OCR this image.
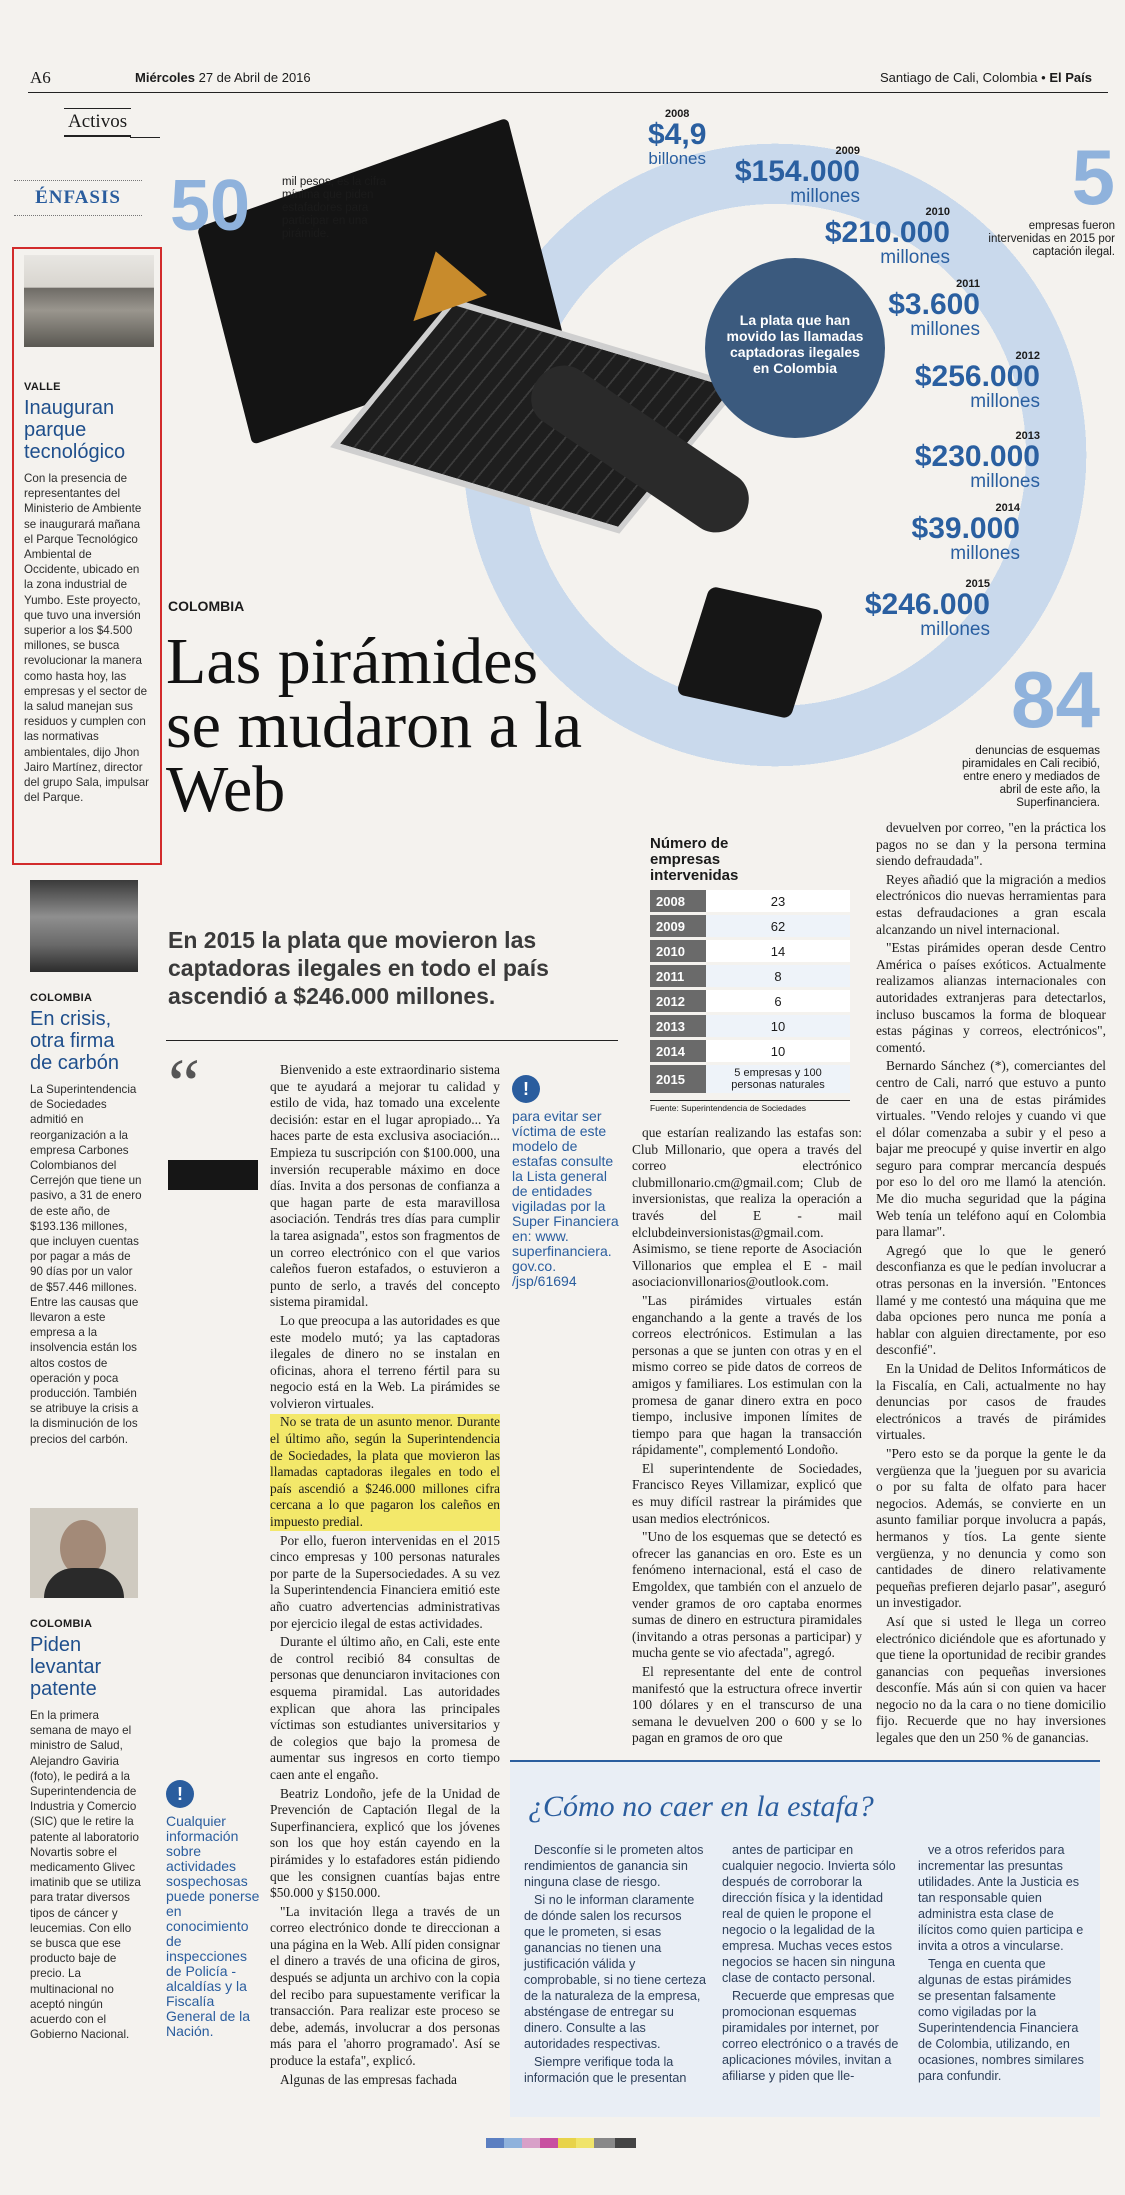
A6	Miércoles 27 de Abril de 2016	Santiago de Cali, Colombia • El País
Activos
ÉNFASIS
VALLE
Inauguran parque tecnológico

Con la presencia de representantes del Ministerio de Ambiente se inaugurará mañana el Parque Tecnológico Ambiental de Occidente, ubicado en la zona industrial de Yumbo. Este proyecto, que tuvo una inversión superior a los $4.500 millones, se busca revolucionar la manera como hasta hoy, las empresas y el sector de la salud manejan sus residuos y cumplen con las normativas ambientales, dijo Jhon Jairo Martínez, director del grupo Sala, impulsar del Parque.

COLOMBIA
En crisis, otra firma de carbón

La Superintendencia de Sociedades admitió en reorganización a la empresa Carbones Colombianos del Cerrejón que tiene un pasivo, a 31 de enero de este año, de $193.136 millones, que incluyen cuentas por pagar a más de 90 días por un valor de $57.446 millones. Entre las causas que llevaron a este empresa a la insolvencia están los altos costos de operación y poca producción. También se atribuye la crisis a la disminución de los precios del carbón.

COLOMBIA
Piden levantar patente

En la primera semana de mayo el ministro de Salud, Alejandro Gaviria (foto), le pedirá a la Superintendencia de Industria y Comercio (SIC) que le retire la patente al laboratorio Novartis sobre el medicamento Glivec imatinib que se utiliza para tratar diversos tipos de cáncer y leucemias. Con ello se busca que ese producto baje de precio. La multinacional no aceptó ningún acuerdo con el Gobierno Nacional.

50	mil pesos, es la cifra mínima que piden estafadores para participar en una pirámide.
La plata que han movido las llamadas captadoras ilegales en Colombia
5
empresas fueron intervenidas en 2015 por captación ilegal.
84
denuncias de esquemas piramidales en Cali recibió, entre enero y mediados de abril de este año, la Superfinanciera.
2008
$4,9
billones	2009
$154.000
millones
2010
$210.000
millones
2011
$3.600
millones
2012
$256.000
millones
2013
$230.000
millones
2014
$39.000
millones
2015
$246.000
millones
COLOMBIA
Las pirámides se mudaron a la Web
En 2015 la plata que movieron las captadoras ilegales en todo el país ascendió a $246.000 millones.
Número de empresas intervenidas
2008	23
2009	62
2010	14
2011	8
2012	6
2013	10
2014	10
2015	5 empresas y 100 personas naturales
Fuente: Superintendencia de Sociedades
“	Bienvenido a este extraordinario sistema que te ayudará a mejorar tu calidad y estilo de vida, haz tomado una excelente decisión: estar en el lugar apropiado... Ya haces parte de esta exclusiva asociación... Empieza tu suscripción con $100.000, una inversión recuperable máximo en doce días. Invita a dos personas de confianza a que hagan parte de esta maravillosa asociación. Tendrás tres días para cumplir la tarea asignada", estos son fragmentos de un correo electrónico con el que varios caleños fueron estafados, o estuvieron a punto de serlo, a través del concepto sistema piramidal.

Lo que preocupa a las autoridades es que este modelo mutó; ya las captadoras ilegales de dinero no se instalan en oficinas, ahora el terreno fértil para su negocio está en la Web. La pirámides se volvieron virtuales.

No se trata de un asunto menor. Durante el último año, según la Superintendencia de Sociedades, la plata que movieron las llamadas captadoras ilegales en todo el país ascendió a $246.000 millones cifra cercana a lo que pagaron los caleños en impuesto predial.

Por ello, fueron intervenidas en el 2015 cinco empresas y 100 personas naturales por parte de la Supersociedades. A su vez la Superintendencia Financiera emitió este año cuatro advertencias administrativas por ejercicio ilegal de estas actividades.

Durante el último año, en Cali, este ente de control recibió 84 consultas de personas que denunciaron invitaciones con esquema piramidal. Las autoridades explican que ahora las principales víctimas son estudiantes universitarios y de colegios que bajo la promesa de aumentar sus ingresos en corto tiempo caen ante el engaño.

Beatriz Londoño, jefe de la Unidad de Prevención de Captación Ilegal de la Superfinanciera, explicó que los jóvenes son los que hoy están cayendo en la pirámides y lo estafadores están pidiendo que les consignen cuantías bajas entre $50.000 y $150.000.

"La invitación llega a través de un correo electrónico donde te direccionan a una página en la Web. Allí piden consignar el dinero a través de una oficina de giros, después se adjunta un archivo con la copia del recibo para supuestamente verificar la transacción. Para realizar este proceso se debe, además, involucrar a dos personas más para el 'ahorro programado'. Así se produce la estafa", explicó.

Algunas de las empresas fachada

!
para evitar ser víctima de este modelo de estafas consulte la Lista general de entidades vigiladas por la Super Financiera en: www. superfinanciera. gov.co. /jsp/61694

que estarían realizando las estafas son: Club Millonario, que opera a través del correo electrónico clubmillonario.cm@gmail.com; Club de inversionistas, que realiza la operación a través del E - mail elclubdeinversionistas@gmail.com. Asimismo, se tiene reporte de Asociación Villonarios que emplea el E - mail asociacionvillonarios@outlook.com.

"Las pirámides virtuales están enganchando a la gente a través de los correos electrónicos. Estimulan a las personas a que se junten con otras y en el mismo correo se pide datos de correos de amigos y familiares. Los estimulan con la promesa de ganar dinero extra en poco tiempo, inclusive imponen límites de tiempo para que hagan la transacción rápidamente", complementó Londoño.

El superintendente de Sociedades, Francisco Reyes Villamizar, explicó que es muy difícil rastrear la pirámides que usan medios electrónicos.

"Uno de los esquemas que se detectó es ofrecer las ganancias en oro. Este es un fenómeno internacional, está el caso de Emgoldex, que también con el anzuelo de vender gramos de oro captaba enormes sumas de dinero en estructura piramidales (invitando a otras personas a participar) y mucha gente se vio afectada", agregó.

El representante del ente de control manifestó que la estructura ofrece invertir 100 dólares y en el transcurso de una semana le devuelven 200 o 600 y se lo pagan en gramos de oro que

devuelven por correo, "en la práctica los pagos no se dan y la persona termina siendo defraudada".

Reyes añadió que la migración a medios electrónicos dio nuevas herramientas para estas defraudaciones a gran escala alcanzando un nivel internacional.

"Estas pirámides operan desde Centro América o países exóticos. Actualmente realizamos alianzas internacionales con autoridades extranjeras para detectarlos, incluso buscamos la forma de bloquear estas páginas y correos, electrónicos", comentó.

Bernardo Sánchez (*), comerciantes del centro de Cali, narró que estuvo a punto de caer en una de estas pirámides virtuales. "Vendo relojes y cuando vi que el dólar comenzaba a subir y el peso a bajar me preocupé y quise invertir en algo seguro para comprar mercancía después por eso lo del oro me llamó la atención. Me dio mucha seguridad que la página Web tenía un teléfono aquí en Colombia para llamar".

Agregó que lo que le generó desconfianza es que le pedían involucrar a otras personas en la inversión. "Entonces llamé y me contestó una máquina que me daba opciones pero nunca me ponía a hablar con alguien directamente, por eso desconfié".

En la Unidad de Delitos Informáticos de la Fiscalía, en Cali, actualmente no hay denuncias por casos de fraudes electrónicos a través de pirámides virtuales.

"Pero esto se da porque la gente le da vergüenza que la 'jueguen por su avaricia o por su falta de olfato para hacer negocios. Además, se convierte en un asunto familiar porque involucra a papás, hermanos y tíos. La gente siente vergüenza, y no denuncia y como son cantidades de dinero relativamente pequeñas prefieren dejarlo pasar", aseguró un investigador.

Así que si usted le llega un correo electrónico diciéndole que es afortunado y que tiene la oportunidad de recibir grandes ganancias con pequeñas inversiones desconfíe. Más aún si con quien va hacer negocio no da la cara o no tiene domicilio fijo. Recuerde que no hay inversiones legales que den un 250 % de ganancias.

!
Cualquier información sobre actividades sospechosas puede ponerse en conocimiento de inspecciones de Policía - alcaldías y la Fiscalía General de la Nación.
¿Cómo no caer en la estafa?

Desconfíe si le prometen altos rendimientos de ganancia sin ninguna clase de riesgo.

Si no le informan claramente de dónde salen los recursos que le prometen, si esas ganancias no tienen una justificación válida y comprobable, si no tiene certeza de la naturaleza de la empresa, absténgase de entregar su dinero. Consulte a las autoridades respectivas.

Siempre verifique toda la información que le presentan

antes de participar en cualquier negocio. Invierta sólo después de corroborar la dirección física y la identidad real de quien le propone el negocio o la legalidad de la empresa. Muchas veces estos negocios se hacen sin ninguna clase de contacto personal.

Recuerde que empresas que promocionan esquemas piramidales por internet, por correo electrónico o a través de aplicaciones móviles, invitan a afiliarse y piden que lle-

ve a otros referidos para incrementar las presuntas utilidades. Ante la Justicia es tan responsable quien administra esta clase de ilícitos como quien participa e invita a otros a vincularse.

Tenga en cuenta que algunas de estas pirámides se presentan falsamente como vigiladas por la Superintendencia Financiera de Colombia, utilizando, en ocasiones, nombres similares para confundir.
